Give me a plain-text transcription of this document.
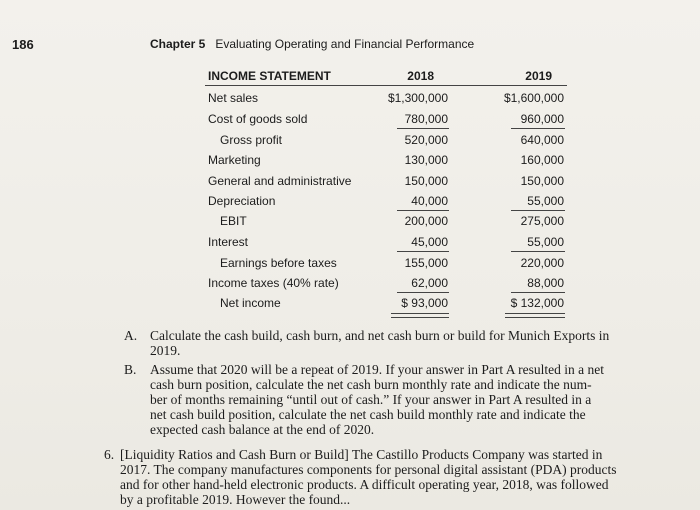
186	Chapter 5 Evaluating Operating and Financial Performance
INCOME STATEMENT	2018	2019
Net sales	$1,300,000	$1,600,000
Cost of goods sold	780,000	960,000
Gross profit	520,000	640,000
Marketing	130,000	160,000
General and administrative	150,000	150,000
Depreciation	40,000	55,000
EBIT	200,000	275,000
Interest	45,000	55,000
Earnings before taxes	155,000	220,000
Income taxes (40% rate)	62,000	88,000
Net income	$ 93,000	$ 132,000
A. Calculate the cash build, cash burn, and net cash burn or build for Munich Exports in
2019.
B. Assume that 2020 will be a repeat of 2019. If your answer in Part A resulted in a net
cash burn position, calculate the net cash burn monthly rate and indicate the num-
ber of months remaining “until out of cash.” If your answer in Part A resulted in a
net cash build position, calculate the net cash build monthly rate and indicate the
expected cash balance at the end of 2020.
6. [Liquidity Ratios and Cash Burn or Build] The Castillo Products Company was started in
2017. The company manufactures components for personal digital assistant (PDA) products
and for other hand-held electronic products. A difficult operating year, 2018, was followed
by a profitable 2019. However the found...
